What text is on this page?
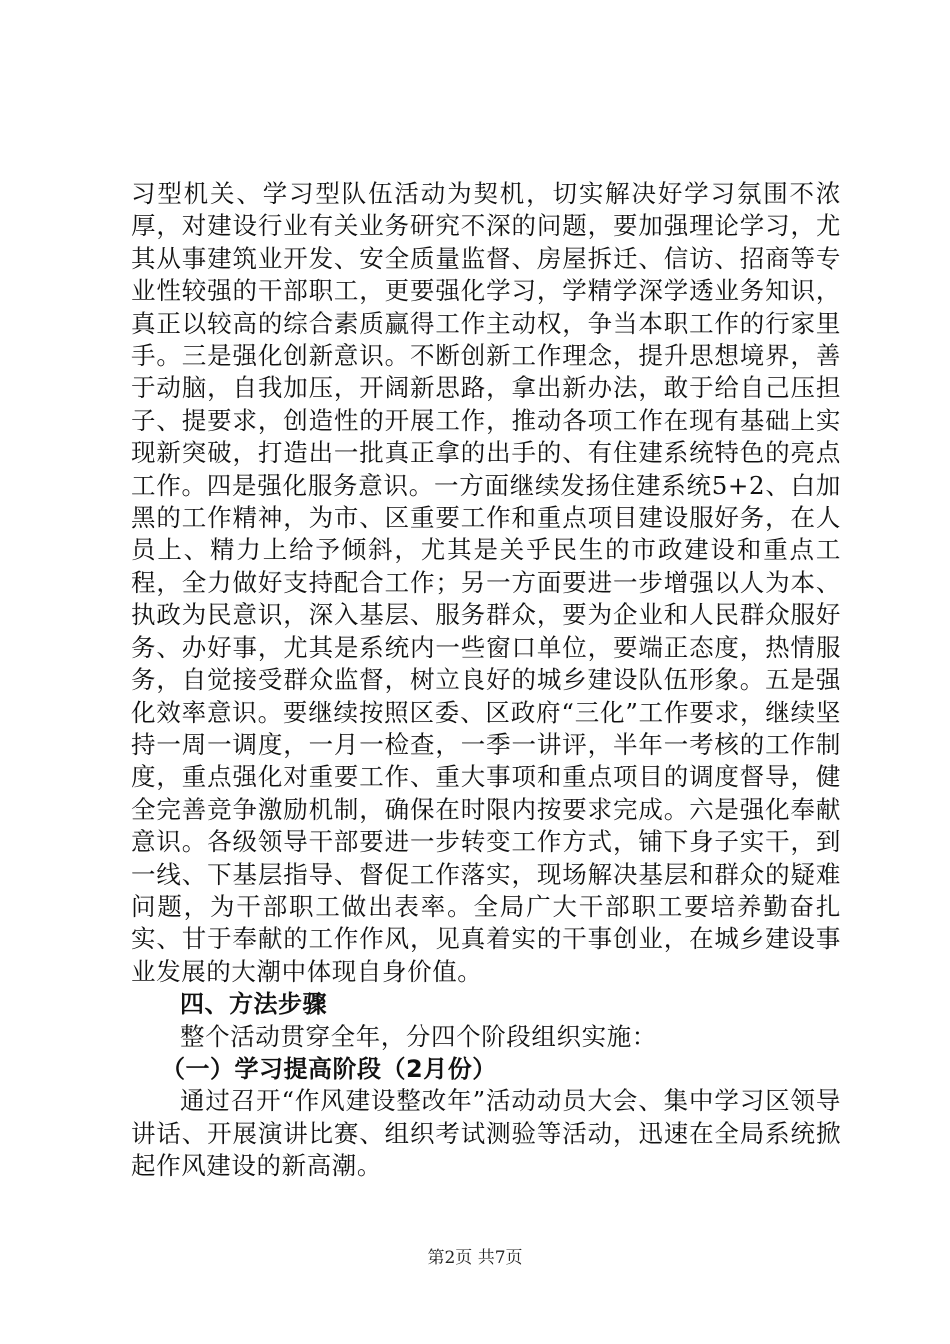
习型机关、学习型队伍活动为契机，切实解决好学习氛围不浓厚，对建设行业有关业务研究不深的问题，要加强理论学习，尤其从事建筑业开发、安全质量监督、房屋拆迁、信访、招商等专业性较强的干部职工，更要强化学习，学精学深学透业务知识，真正以较高的综合素质赢得工作主动权，争当本职工作的行家里手。三是强化创新意识。不断创新工作理念，提升思想境界，善于动脑，自我加压，开阔新思路，拿出新办法，敢于给自己压担子、提要求，创造性的开展工作，推动各项工作在现有基础上实现新突破，打造出一批真正拿的出手的、有住建系统特色的亮点工作。四是强化服务意识。一方面继续发扬住建系统5+2、白加黑的工作精神，为市、区重要工作和重点项目建设服好务，在人员上、精力上给予倾斜，尤其是关乎民生的市政建设和重点工程，全力做好支持配合工作；另一方面要进一步增强以人为本、执政为民意识，深入基层、服务群众，要为企业和人民群众服好务、办好事，尤其是系统内一些窗口单位，要端正态度，热情服务，自觉接受群众监督，树立良好的城乡建设队伍形象。五是强化效率意识。要继续按照区委、区政府“三化”工作要求，继续坚持一周一调度，一月一检查，一季一讲评，半年一考核的工作制度，重点强化对重要工作、重大事项和重点项目的调度督导，健全完善竞争激励机制，确保在时限内按要求完成。六是强化奉献意识。各级领导干部要进一步转变工作方式，铺下身子实干，到一线、下基层指导、督促工作落实，现场解决基层和群众的疑难问题，为干部职工做出表率。全局广大干部职工要培养勤奋扎实、甘于奉献的工作作风，见真着实的干事创业，在城乡建设事业发展的大潮中体现自身价值。

四、方法步骤

整个活动贯穿全年，分四个阶段组织实施：

（一）学习提高阶段（2月份）

通过召开“作风建设整改年”活动动员大会、集中学习区领导讲话、开展演讲比赛、组织考试测验等活动，迅速在全局系统掀起作风建设的新高潮。

第2页 共7页
